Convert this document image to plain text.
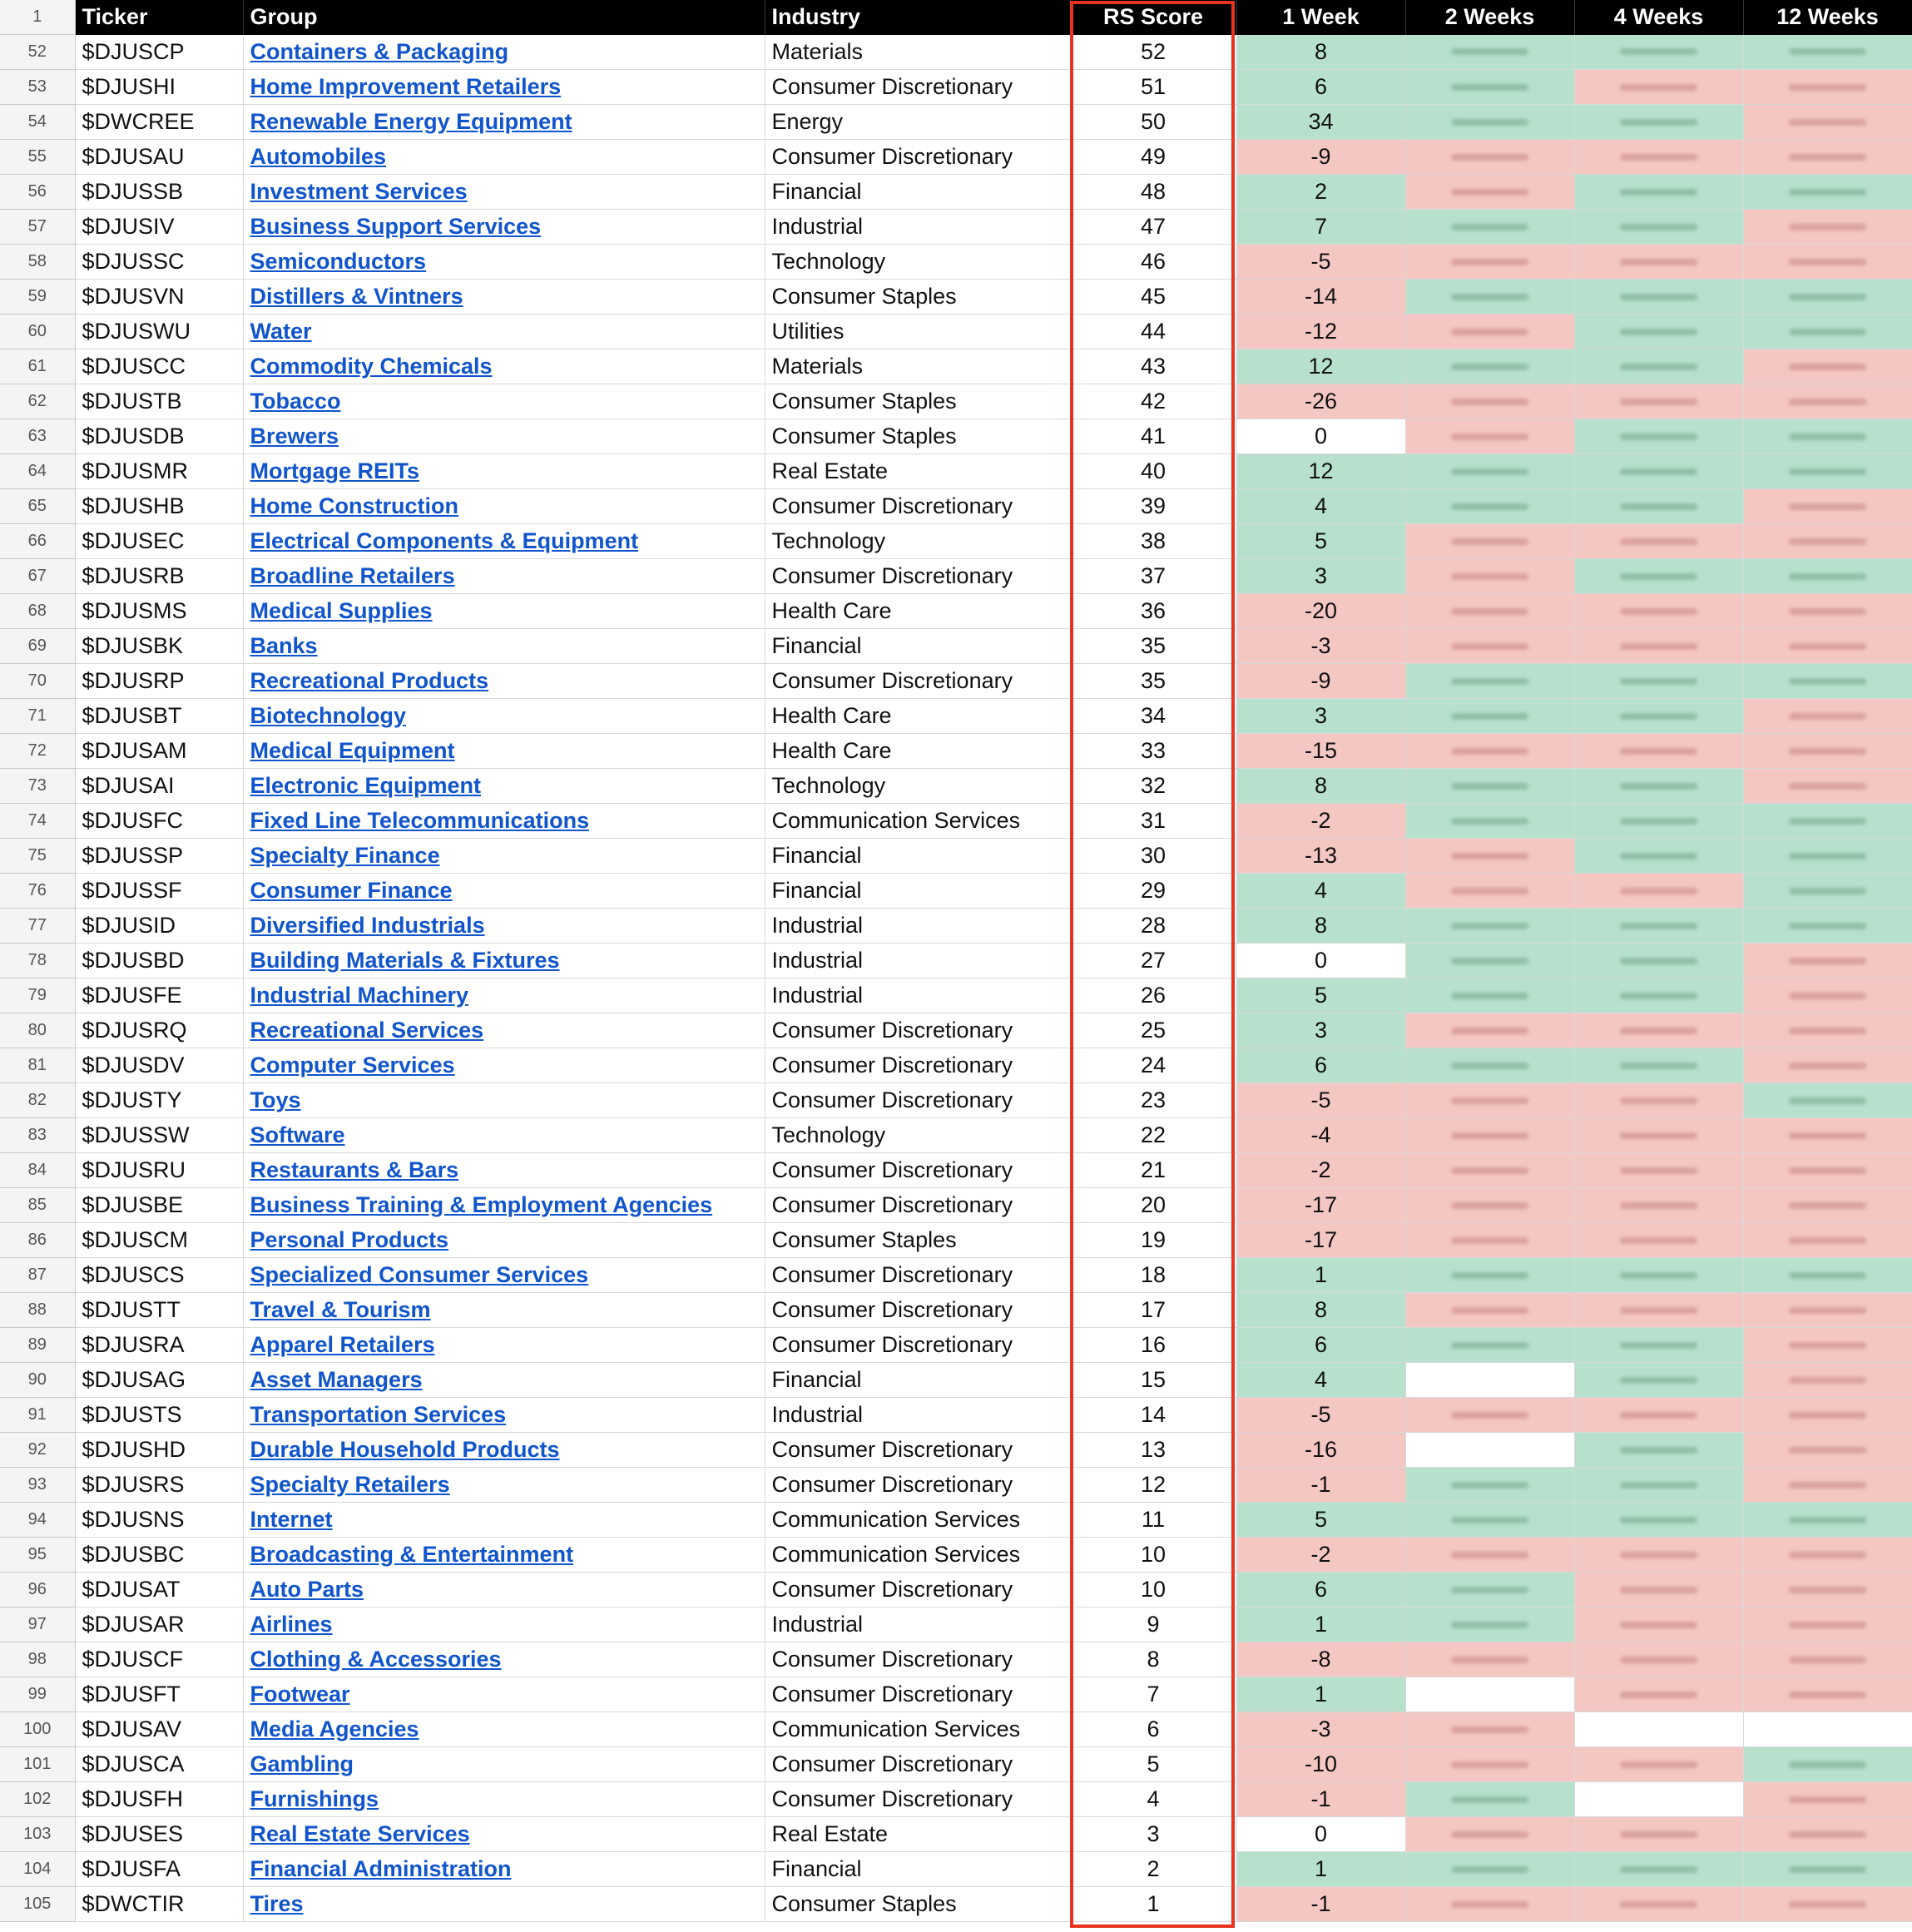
1	Ticker	Group	Industry	RS Score	1 Week	2 Weeks	4 Weeks	12 Weeks
52	$DJUSCP	Containers & Packaging	Materials	52	8	

53	$DJUSHI	Home Improvement Retailers	Consumer Discretionary	51	6	

54	$DWCREE	Renewable Energy Equipment	Energy	50	34	

55	$DJUSAU	Automobiles	Consumer Discretionary	49	-9	

56	$DJUSSB	Investment Services	Financial	48	2	

57	$DJUSIV	Business Support Services	Industrial	47	7	

58	$DJUSSC	Semiconductors	Technology	46	-5	

59	$DJUSVN	Distillers & Vintners	Consumer Staples	45	-14	

60	$DJUSWU	Water	Utilities	44	-12	

61	$DJUSCC	Commodity Chemicals	Materials	43	12	

62	$DJUSTB	Tobacco	Consumer Staples	42	-26	

63	$DJUSDB	Brewers	Consumer Staples	41	0	

64	$DJUSMR	Mortgage REITs	Real Estate	40	12	

65	$DJUSHB	Home Construction	Consumer Discretionary	39	4	

66	$DJUSEC	Electrical Components & Equipment	Technology	38	5	

67	$DJUSRB	Broadline Retailers	Consumer Discretionary	37	3	

68	$DJUSMS	Medical Supplies	Health Care	36	-20	

69	$DJUSBK	Banks	Financial	35	-3	

70	$DJUSRP	Recreational Products	Consumer Discretionary	35	-9	

71	$DJUSBT	Biotechnology	Health Care	34	3	

72	$DJUSAM	Medical Equipment	Health Care	33	-15	

73	$DJUSAI	Electronic Equipment	Technology	32	8	

74	$DJUSFC	Fixed Line Telecommunications	Communication Services	31	-2	

75	$DJUSSP	Specialty Finance	Financial	30	-13	

76	$DJUSSF	Consumer Finance	Financial	29	4	

77	$DJUSID	Diversified Industrials	Industrial	28	8	

78	$DJUSBD	Building Materials & Fixtures	Industrial	27	0	

79	$DJUSFE	Industrial Machinery	Industrial	26	5	

80	$DJUSRQ	Recreational Services	Consumer Discretionary	25	3	

81	$DJUSDV	Computer Services	Consumer Discretionary	24	6	

82	$DJUSTY	Toys	Consumer Discretionary	23	-5	

83	$DJUSSW	Software	Technology	22	-4	

84	$DJUSRU	Restaurants & Bars	Consumer Discretionary	21	-2	

85	$DJUSBE	Business Training & Employment Agencies	Consumer Discretionary	20	-17	

86	$DJUSCM	Personal Products	Consumer Staples	19	-17	

87	$DJUSCS	Specialized Consumer Services	Consumer Discretionary	18	1	

88	$DJUSTT	Travel & Tourism	Consumer Discretionary	17	8	

89	$DJUSRA	Apparel Retailers	Consumer Discretionary	16	6	

90	$DJUSAG	Asset Managers	Financial	15	4	

91	$DJUSTS	Transportation Services	Industrial	14	-5	

92	$DJUSHD	Durable Household Products	Consumer Discretionary	13	-16	

93	$DJUSRS	Specialty Retailers	Consumer Discretionary	12	-1	

94	$DJUSNS	Internet	Communication Services	11	5	

95	$DJUSBC	Broadcasting & Entertainment	Communication Services	10	-2	

96	$DJUSAT	Auto Parts	Consumer Discretionary	10	6	

97	$DJUSAR	Airlines	Industrial	9	1	

98	$DJUSCF	Clothing & Accessories	Consumer Discretionary	8	-8	

99	$DJUSFT	Footwear	Consumer Discretionary	7	1	

100	$DJUSAV	Media Agencies	Communication Services	6	-3	

101	$DJUSCA	Gambling	Consumer Discretionary	5	-10	

102	$DJUSFH	Furnishings	Consumer Discretionary	4	-1	

103	$DJUSES	Real Estate Services	Real Estate	3	0	

104	$DJUSFA	Financial Administration	Financial	2	1	

105	$DWCTIR	Tires	Consumer Staples	1	-1	
